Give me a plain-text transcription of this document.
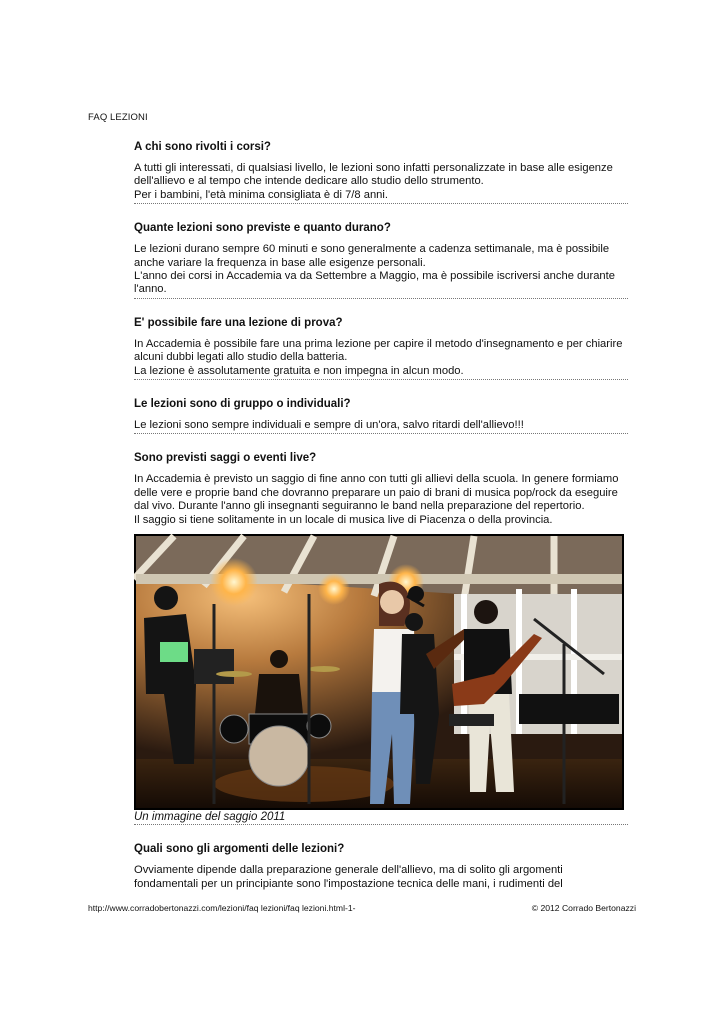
FAQ LEZIONI
A chi sono rivolti i corsi?

A tutti gli interessati, di qualsiasi livello, le lezioni sono infatti personalizzate in base alle esigenze dell'allievo e al tempo che intende dedicare allo studio dello strumento.

Per i bambini, l'età minima consigliata è di 7/8 anni.

Quante lezioni sono previste e quanto durano?

Le lezioni durano sempre 60 minuti e sono generalmente a cadenza settimanale, ma è possibile anche variare la frequenza in base alle esigenze personali.

L'anno dei corsi in Accademia va da Settembre a Maggio, ma è possibile iscriversi anche durante l'anno.

E' possibile fare una lezione di prova?

In Accademia è possibile fare una prima lezione per capire il metodo d'insegnamento e per chiarire alcuni dubbi legati allo studio della batteria.

La lezione è assolutamente gratuita e non impegna in alcun modo.

Le lezioni sono di gruppo o individuali?

Le lezioni sono sempre individuali e sempre di un'ora, salvo ritardi dell'allievo!!!

Sono previsti saggi o eventi live?

In Accademia è previsto un saggio di fine anno con tutti gli allievi della scuola. In genere formiamo delle vere e proprie band che dovranno preparare un paio di brani di musica pop/rock da eseguire dal vivo. Durante l'anno gli insegnanti seguiranno le band nella preparazione del repertorio.

Il saggio si tiene solitamente in un locale di musica live di Piacenza o della provincia.

Un immagine del saggio 2011
Quali sono gli argomenti delle lezioni?

Ovviamente dipende dalla preparazione generale dell'allievo, ma di solito gli argomenti fondamentali per un principiante sono l'impostazione tecnica delle mani, i rudimenti del

http://www.corradobertonazzi.com/lezioni/faq lezioni/faq lezioni.html-1-	© 2012 Corrado Bertonazzi
